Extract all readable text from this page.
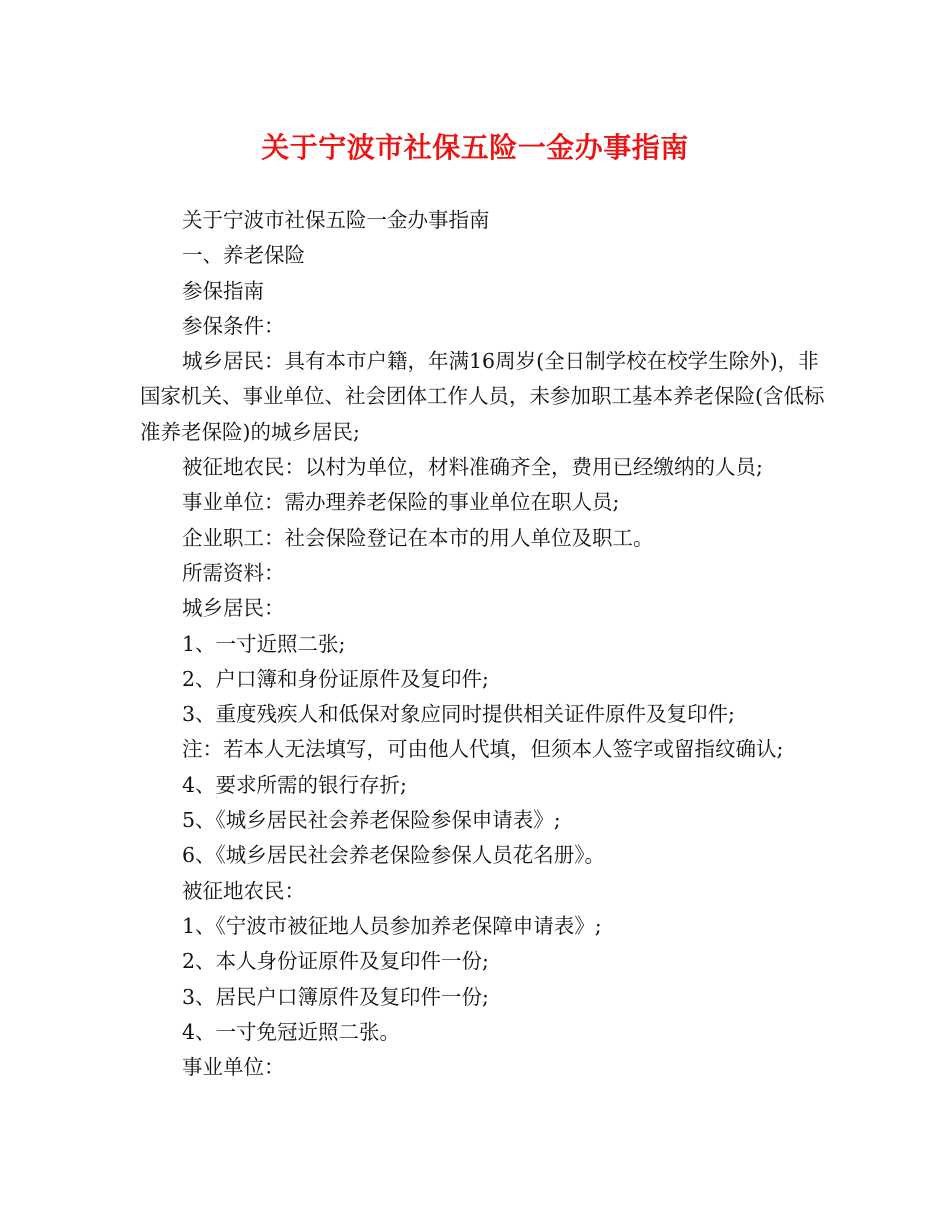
关于宁波市社保五险一金办事指南

关于宁波市社保五险一金办事指南

一、养老保险

参保指南

参保条件：

城乡居民：具有本市户籍，年满16周岁(全日制学校在校学生除外)，非国家机关、事业单位、社会团体工作人员，未参加职工基本养老保险(含低标准养老保险)的城乡居民;

被征地农民：以村为单位，材料准确齐全，费用已经缴纳的人员;

事业单位：需办理养老保险的事业单位在职人员;

企业职工：社会保险登记在本市的用人单位及职工。

所需资料：

城乡居民：

1、一寸近照二张;

2、户口簿和身份证原件及复印件;

3、重度残疾人和低保对象应同时提供相关证件原件及复印件;

注：若本人无法填写，可由他人代填，但须本人签字或留指纹确认;

4、要求所需的银行存折;

5、《城乡居民社会养老保险参保申请表》;

6、《城乡居民社会养老保险参保人员花名册》。

被征地农民：

1、《宁波市被征地人员参加养老保障申请表》;

2、本人身份证原件及复印件一份;

3、居民户口簿原件及复印件一份;

4、一寸免冠近照二张。

事业单位：
